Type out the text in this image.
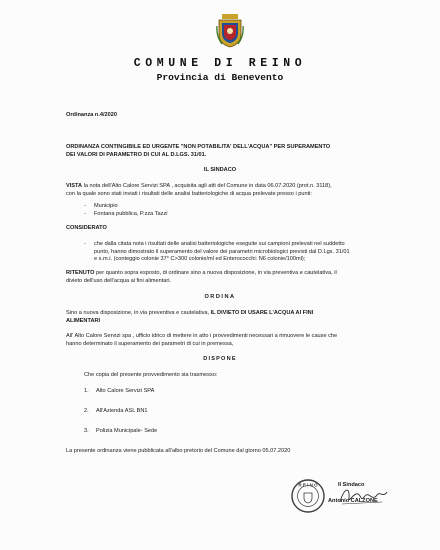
COMUNE DI REINO
Provincia di Benevento
Ordinanza n.4/2020
ORDINANZA CONTINGIBILE ED URGENTE "NON POTABILITA' DELL'ACQUA" PER SUPERAMENTO
DEI VALORI DI PARAMETRO DI CUI AL D.LGS. 31/01.
IL SINDACO
VISTA la nota dell'Alto Calore Servizi SPA , acquisita agli atti del Comune in data 06.07.2020 (prot.n. 3118),
con la quale sono stati inviati i risultati delle analisi batteriologiche di acqua prelevate presso i punti:
- Municipio
- Fontana pubblica, P.zza Tazzi
CONSIDERATO
- che dalla citata nota i risultati delle analisi batteriologiche eseguite sui campioni prelevati nel suddetto
punto, hanno dimostrato il superamento del valore dei parametri microbiologici previsti dal D.Lgs. 31/01
e s.m.i. (conteggio colonie 37° C>300 colonie/ml ed Enterococchi: N6 colonie/100ml);
RITENUTO per quanto sopra esposto, di ordinare sino a nuova disposizione, in via preventiva e cautelativa, il
divieto dell'uso dell'acqua ai fini alimentari.
ORDINA
Sino a nuova disposizione, in via preventiva e cautelativa, IL DIVIETO DI USARE L'ACQUA AI FINI
ALIMENTARI
All' Alto Calore Servizi spa , ufficio idrico di mettere in atto i provvedimenti necessari a rimuovere le cause che
hanno determinato il superamento dei parametri di cui in premessa,
DISPONE
Che copia del presente provvedimento sia trasmesso:
1. Alto Calore Servizi SPA
2. All'Azienda ASL BN1
3. Polizia Municipale- Sede
La presente ordinanza viene pubblicata all'albo pretorio del Comune dal giorno 05.07.2020
R E I N O	Il Sindaco
Antonio CALZONE
